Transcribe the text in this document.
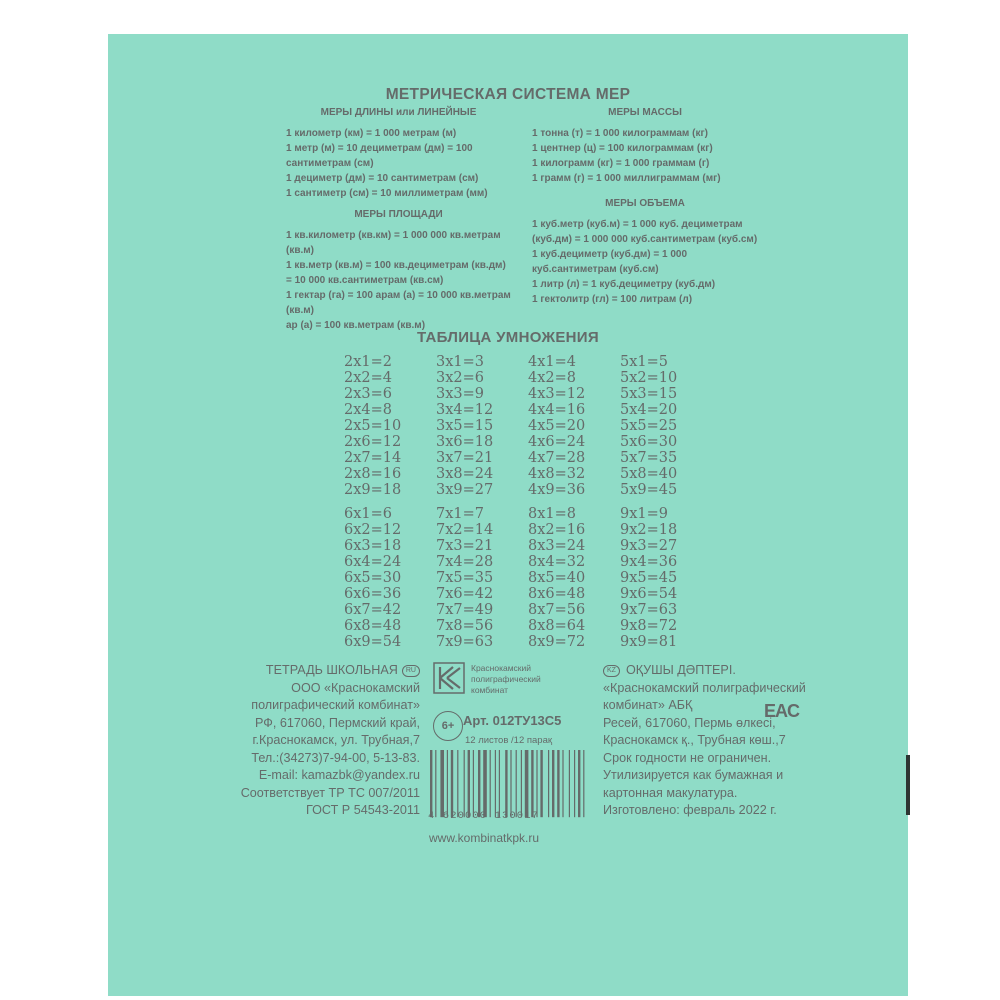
МЕТРИЧЕСКАЯ СИСТЕМА МЕР
МЕРЫ ДЛИНЫ или ЛИНЕЙНЫЕ
1 километр (км) = 1 000 метрам (м)
1 метр (м) = 10 дециметрам (дм) = 100 сантиметрам (см)
1 дециметр (дм) = 10 сантиметрам (см)
1 сантиметр (см) = 10 миллиметрам (мм)
МЕРЫ ПЛОЩАДИ
1 кв.километр (кв.км) = 1 000 000 кв.метрам (кв.м)
1 кв.метр (кв.м) = 100 кв.дециметрам (кв.дм) = 10 000 кв.сантиметрам (кв.см)
1 гектар (га) = 100 арам (а) = 10 000 кв.метрам (кв.м)
ар (а) = 100 кв.метрам (кв.м)
МЕРЫ МАССЫ
1 тонна (т) = 1 000 килограммам (кг)
1 центнер (ц) = 100 килограммам (кг)
1 килограмм (кг) = 1 000 граммам (г)
1 грамм (г) = 1 000 миллиграммам (мг)
МЕРЫ ОБЪЕМА
1 куб.метр (куб.м) = 1 000 куб. дециметрам (куб.дм) = 1 000 000 куб.сантиметрам (куб.см)
1 куб.дециметр (куб.дм) = 1 000 куб.сантиметрам (куб.см)
1 литр (л) = 1 куб.дециметру (куб.дм)
1 гектолитр (гл) = 100 литрам (л)
ТАБЛИЦА УМНОЖЕНИЯ
2x1=2
2x2=4
2x3=6
2x4=8
2x5=10
2x6=12
2x7=14
2x8=16
2x9=18
3x1=3
3x2=6
3x3=9
3x4=12
3x5=15
3x6=18
3x7=21
3x8=24
3x9=27
4x1=4
4x2=8
4x3=12
4x4=16
4x5=20
4x6=24
4x7=28
4x8=32
4x9=36
5x1=5
5x2=10
5x3=15
5x4=20
5x5=25
5x6=30
5x7=35
5x8=40
5x9=45
6x1=6
6x2=12
6x3=18
6x4=24
6x5=30
6x6=36
6x7=42
6x8=48
6x9=54
7x1=7
7x2=14
7x3=21
7x4=28
7x5=35
7x6=42
7x7=49
7x8=56
7x9=63
8x1=8
8x2=16
8x3=24
8x4=32
8x5=40
8x6=48
8x7=56
8x8=64
8x9=72
9x1=9
9x2=18
9x3=27
9x4=36
9x5=45
9x6=54
9x7=63
9x8=72
9x9=81
ТЕТРАДЬ ШКОЛЬНАЯ RU
ООО «Краснокамский полиграфический комбинат»
РФ, 617060, Пермский край,
г.Краснокамск, ул. Трубная,7
Тел.:(34273)7-94-00, 5-13-83.
E-mail: kamazbk@yandex.ru
Соответствует ТР ТС 007/2011
ГОСТ Р 54543-2011
Краснокамский
полиграфический
комбинат
6+ Арт. 012ТУ13С5
12 листов /12 парақ
4 620000 130017
www.kombinatkpk.ru
KZ ОҚУШЫ ДӘПТЕРІ.
«Краснокамский полиграфический комбинат» АБҚ
Ресей, 617060, Пермь өлкесі,
Краснокамск қ., Трубная көш.,7
Срок годности не ограничен.
Утилизируется как бумажная и картонная макулатура.
Изготовлено: февраль 2022 г.
EAC
